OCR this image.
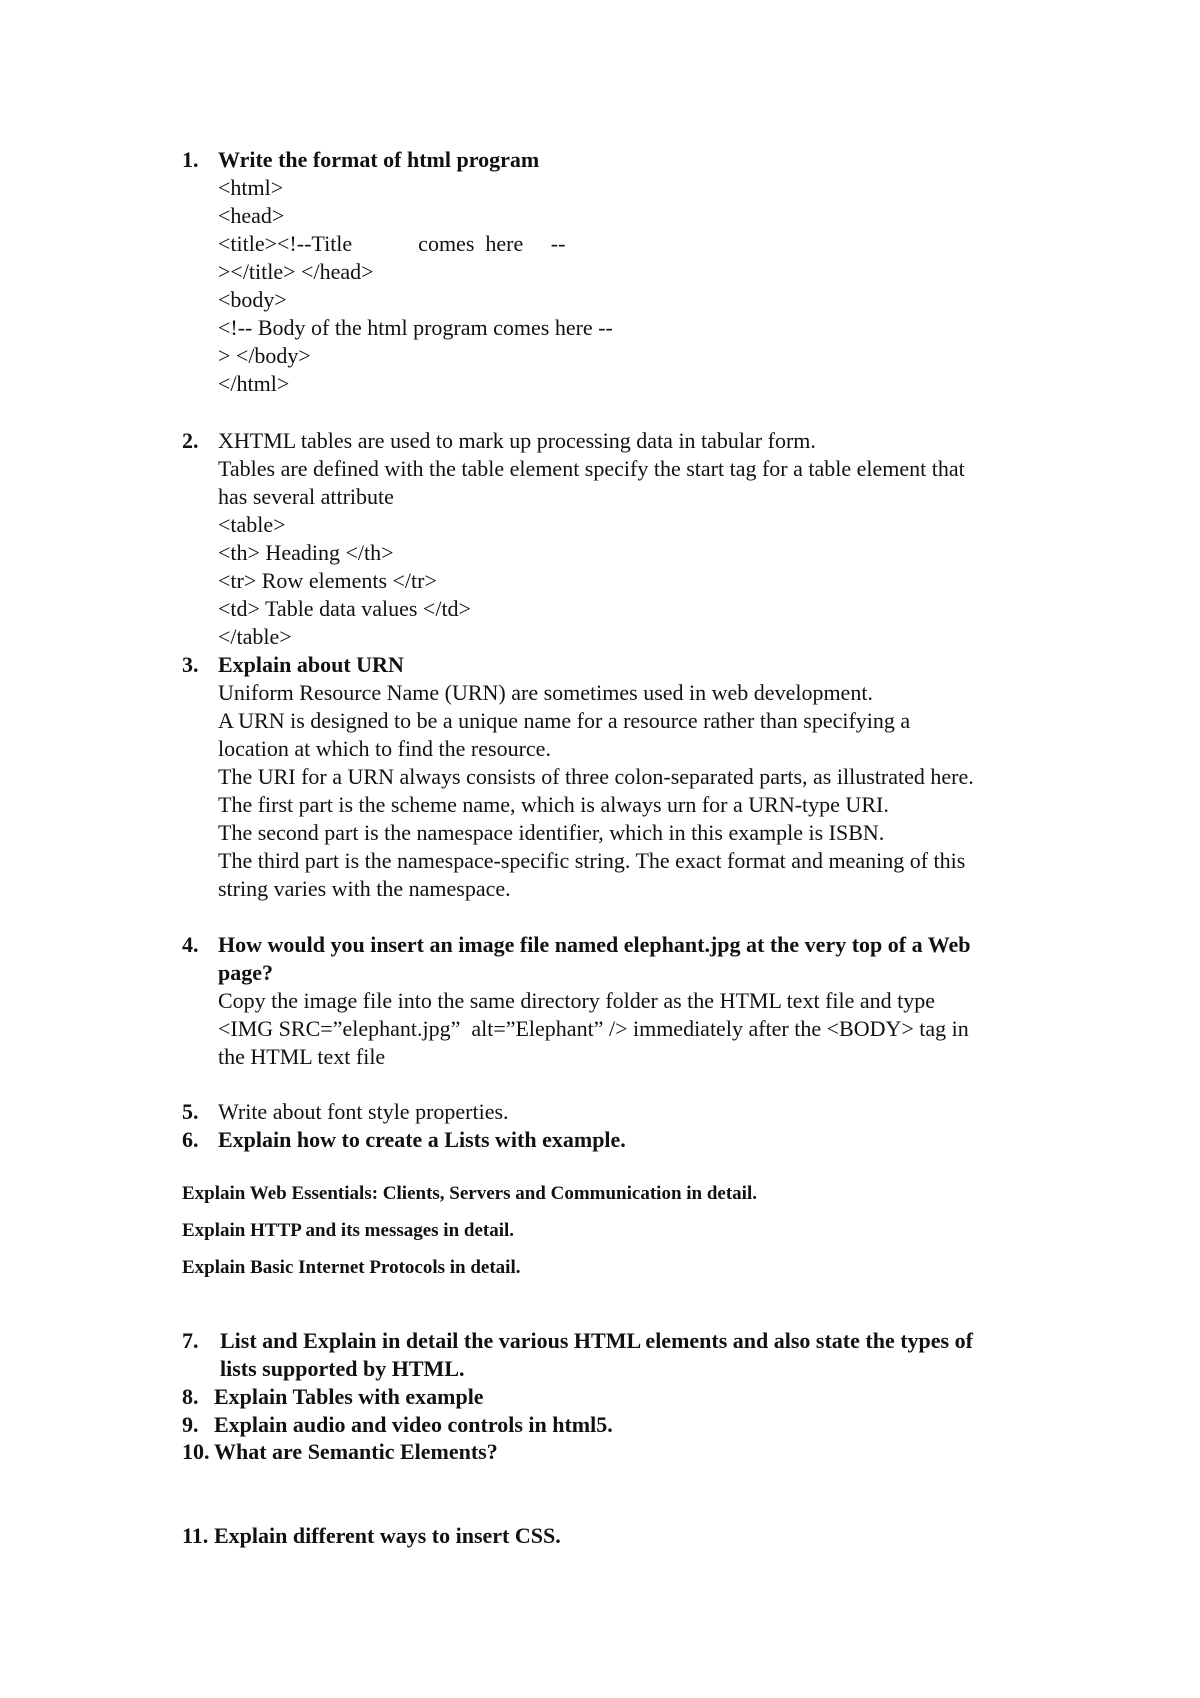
1. Write the format of html program

<html>

<head>

<title><!--Title            comes  here     --

></title> </head>

<body>

<!-- Body of the html program comes here --

> </body>

</html>

2. XHTML tables are used to mark up processing data in tabular form.

Tables are defined with the table element specify the start tag for a table element that

has several attribute

<table>

<th> Heading </th>

<tr> Row elements </tr>

<td> Table data values </td>

</table>

3. Explain about URN

Uniform Resource Name (URN) are sometimes used in web development.

A URN is designed to be a unique name for a resource rather than specifying a

location at which to find the resource.

The URI for a URN always consists of three colon-separated parts, as illustrated here.

The first part is the scheme name, which is always urn for a URN-type URI.

The second part is the namespace identifier, which in this example is ISBN.

The third part is the namespace-specific string. The exact format and meaning of this

string varies with the namespace.

4. How would you insert an image file named elephant.jpg at the very top of a Web

page?

Copy the image file into the same directory folder as the HTML text file and type

<IMG SRC=”elephant.jpg”  alt=”Elephant” /> immediately after the <BODY> tag in

the HTML text file

5. Write about font style properties.

6. Explain how to create a Lists with example.

Explain Web Essentials: Clients, Servers and Communication in detail.
Explain HTTP and its messages in detail.
Explain Basic Internet Protocols in detail.
7. List and Explain in detail the various HTML elements and also state the types of

lists supported by HTML.

8. Explain Tables with example

9. Explain audio and video controls in html5.

10. What are Semantic Elements?

11. Explain different ways to insert CSS.
